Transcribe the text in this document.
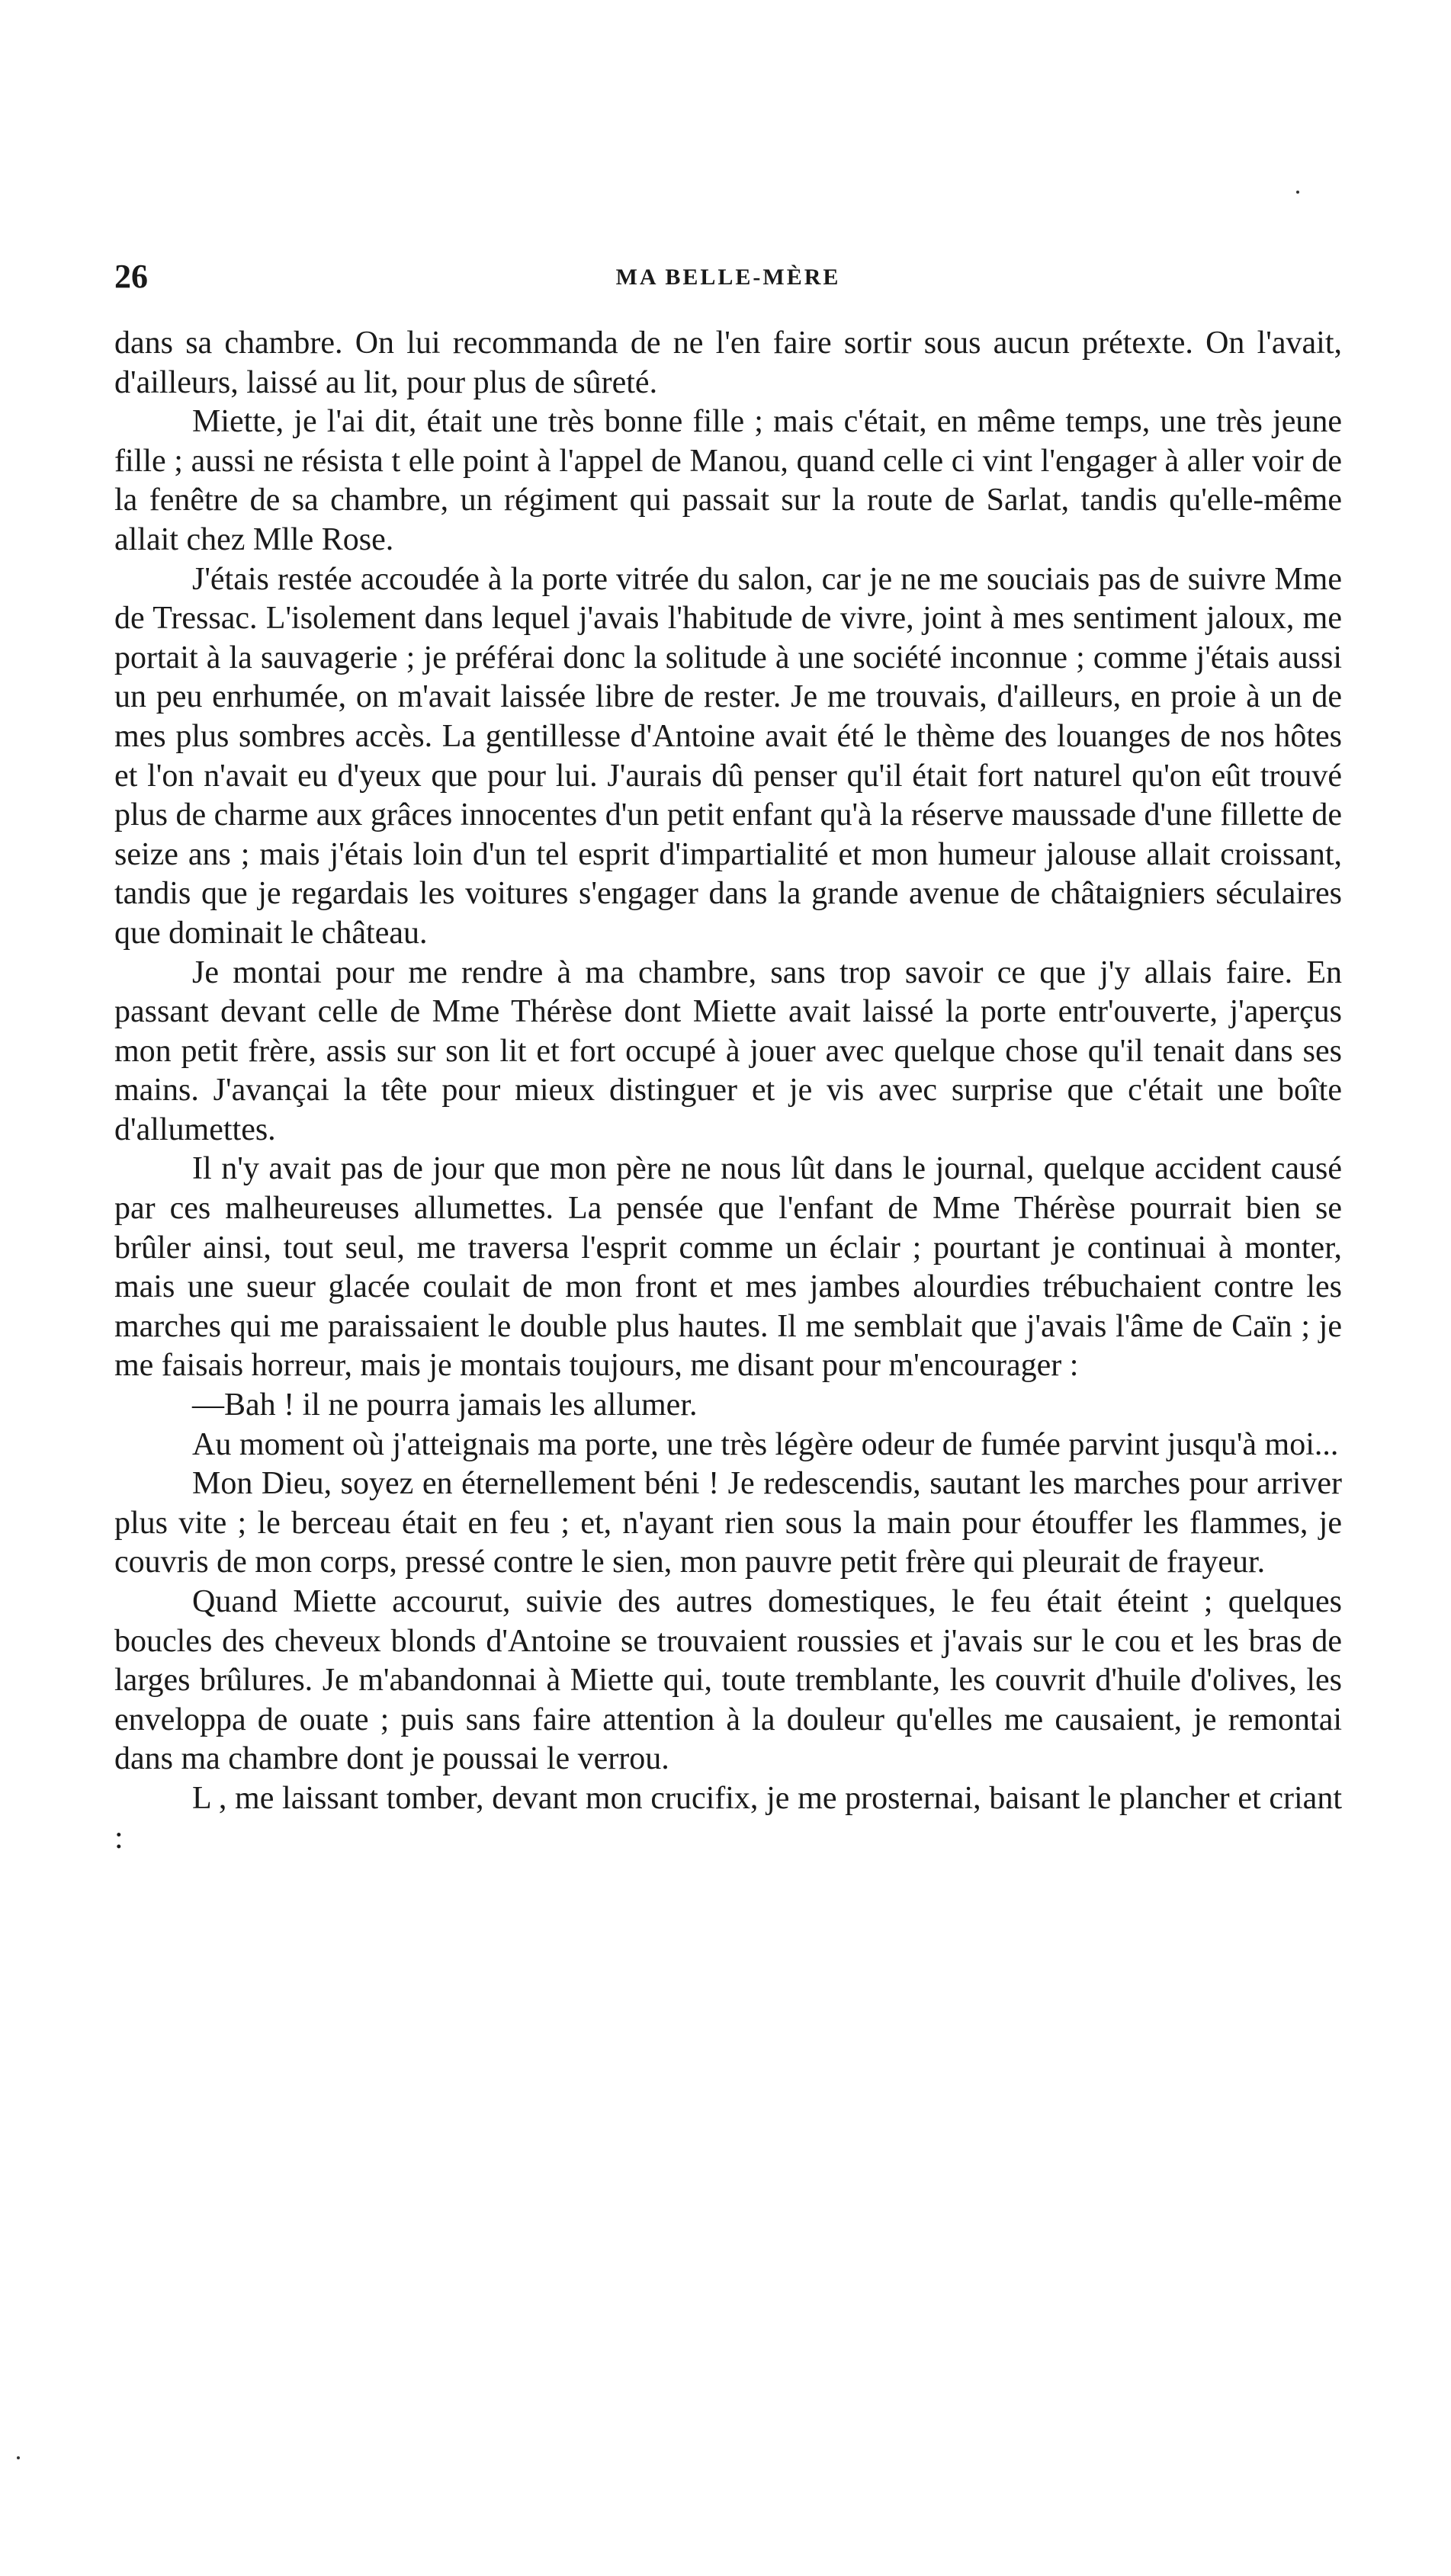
26	MA BELLE-MÈRE

dans sa chambre. On lui recommanda de ne l'en faire sortir sous aucun prétexte. On l'avait, d'ailleurs, laissé au lit, pour plus de sûreté.

Miette, je l'ai dit, était une très bonne fille ; mais c'était, en même temps, une très jeune fille ; aussi ne résista t elle point à l'appel de Manou, quand celle ci vint l'engager à aller voir de la fenêtre de sa chambre, un régiment qui passait sur la route de Sarlat, tandis qu'elle-même allait chez Mlle Rose.

J'étais restée accoudée à la porte vitrée du salon, car je ne me souciais pas de suivre Mme de Tressac. L'isolement dans lequel j'avais l'habitude de vivre, joint à mes sentiment jaloux, me portait à la sauvagerie ; je préférai donc la solitude à une société inconnue ; comme j'étais aussi un peu enrhumée, on m'avait laissée libre de rester. Je me trouvais, d'ailleurs, en proie à un de mes plus sombres accès. La gentillesse d'Antoine avait été le thème des louanges de nos hôtes et l'on n'avait eu d'yeux que pour lui. J'aurais dû penser qu'il était fort naturel qu'on eût trouvé plus de charme aux grâces innocentes d'un petit enfant qu'à la réserve maussade d'une fillette de seize ans ; mais j'étais loin d'un tel esprit d'impartialité et mon humeur jalouse allait croissant, tandis que je regardais les voitures s'engager dans la grande avenue de châtaigniers séculaires que dominait le château.

Je montai pour me rendre à ma chambre, sans trop savoir ce que j'y allais faire. En passant devant celle de Mme Thérèse dont Miette avait laissé la porte entr'ouverte, j'aperçus mon petit frère, assis sur son lit et fort occupé à jouer avec quelque chose qu'il tenait dans ses mains. J'avançai la tête pour mieux distinguer et je vis avec surprise que c'était une boîte d'allumettes.

Il n'y avait pas de jour que mon père ne nous lût dans le journal, quelque accident causé par ces malheureuses allumettes. La pensée que l'enfant de Mme Thérèse pourrait bien se brûler ainsi, tout seul, me traversa l'esprit comme un éclair ; pourtant je continuai à monter, mais une sueur glacée coulait de mon front et mes jambes alourdies trébuchaient contre les marches qui me paraissaient le double plus hautes. Il me semblait que j'avais l'âme de Caïn ; je me faisais horreur, mais je montais toujours, me disant pour m'encourager :

—Bah ! il ne pourra jamais les allumer.

Au moment où j'atteignais ma porte, une très légère odeur de fumée parvint jusqu'à moi...

Mon Dieu, soyez en éternellement béni ! Je redescendis, sautant les marches pour arriver plus vite ; le berceau était en feu ; et, n'ayant rien sous la main pour étouffer les flammes, je couvris de mon corps, pressé contre le sien, mon pauvre petit frère qui pleurait de frayeur.

Quand Miette accourut, suivie des autres domestiques, le feu était éteint ; quelques boucles des cheveux blonds d'Antoine se trouvaient roussies et j'avais sur le cou et les bras de larges brûlures. Je m'abandonnai à Miette qui, toute tremblante, les couvrit d'huile d'olives, les enveloppa de ouate ; puis sans faire attention à la douleur qu'elles me causaient, je remontai dans ma chambre dont je poussai le verrou.

L , me laissant tomber, devant mon crucifix, je me prosternai, baisant le plancher et criant :
